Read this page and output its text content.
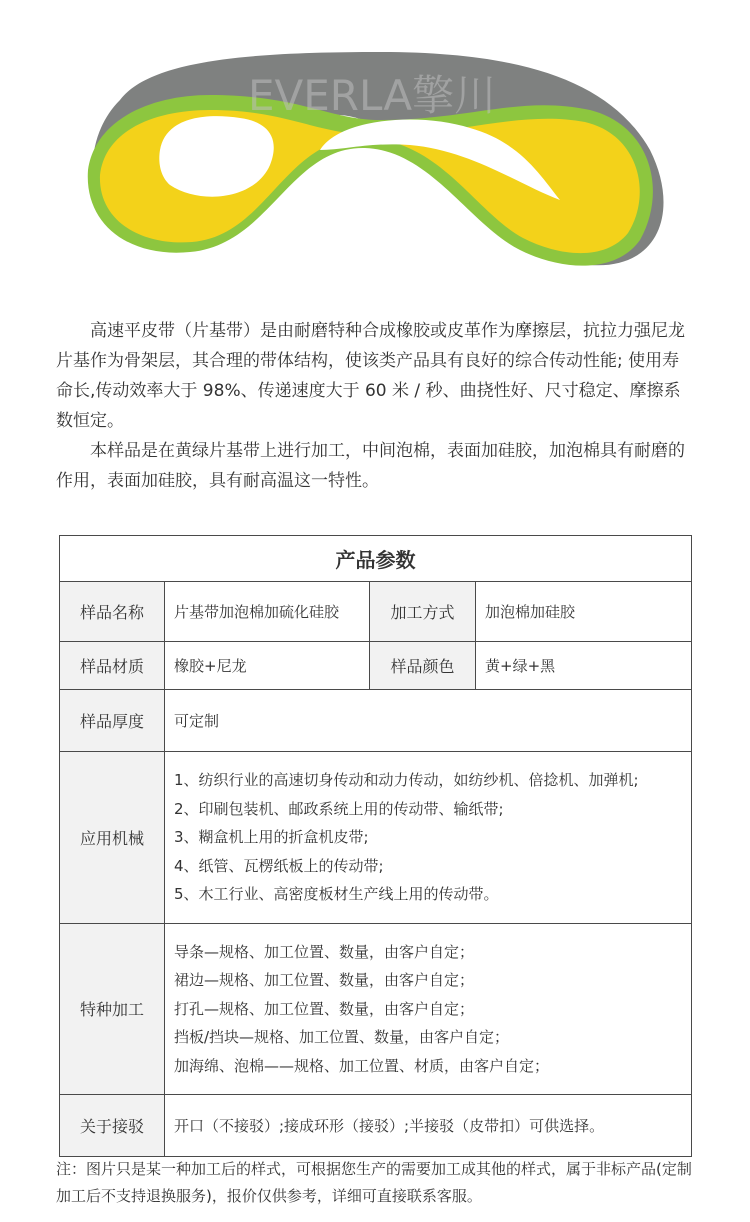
EVERLA擎川

高速平皮带（片基带）是由耐磨特种合成橡胶或皮革作为摩擦层，抗拉力强尼龙片基作为骨架层，其合理的带体结构，使该类产品具有良好的综合传动性能; 使用寿命长,传动效率大于 98%、传递速度大于 60 米 / 秒、曲挠性好、尺寸稳定、摩擦系数恒定。

本样品是在黄绿片基带上进行加工，中间泡棉，表面加硅胶，加泡棉具有耐磨的作用，表面加硅胶，具有耐高温这一特性。

产品参数			
样品名称	片基带加泡棉加硫化硅胶	加工方式	加泡棉加硅胶
样品材质	橡胶+尼龙	样品颜色	黄+绿+黑
样品厚度	可定制		
应用机械	1、纺织行业的高速切身传动和动力传动，如纺纱机、倍捻机、加弹机;
2、印刷包装机、邮政系统上用的传动带、输纸带;
3、糊盒机上用的折盒机皮带;
4、纸管、瓦楞纸板上的传动带;
5、木工行业、高密度板材生产线上用的传动带。		

特种加工	导条—规格、加工位置、数量，由客户自定；
裙边—规格、加工位置、数量，由客户自定；
打孔—规格、加工位置、数量，由客户自定；
挡板/挡块—规格、加工位置、数量，由客户自定；
加海绵、泡棉——规格、加工位置、材质，由客户自定；		

关于接驳	开口（不接驳）;接成环形（接驳）;半接驳（皮带扣）可供选择。		
注：图片只是某一种加工后的样式，可根据您生产的需要加工成其他的样式，属于非标产品(定制加工后不支持退换服务)，报价仅供参考，详细可直接联系客服。
